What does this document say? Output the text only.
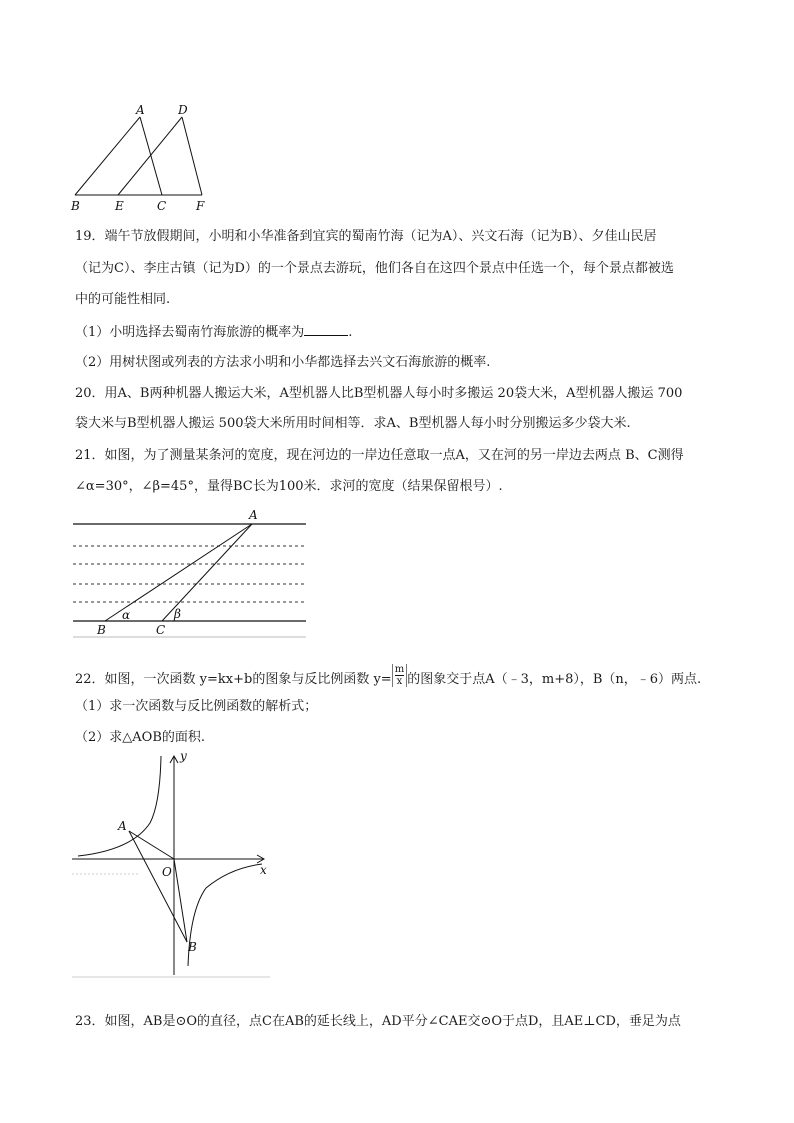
A	D
B	E	C F
19．端午节放假期间，小明和小华准备到宜宾的蜀南竹海（记为A）、兴文石海（记为B）、夕佳山民居
（记为C）、李庄古镇（记为D）的一个景点去游玩，他们各自在这四个景点中任选一个，每个景点都被选
中的可能性相同.
（1）小明选择去蜀南竹海旅游的概率为	.
（2）用树状图或列表的方法求小明和小华都选择去兴文石海旅游的概率.
20．用A、B两种机器人搬运大米，A型机器人比B型机器人每小时多搬运 20袋大米，A型机器人搬运 700
袋大米与B型机器人搬运 500袋大米所用时间相等．求A、B型机器人每小时分别搬运多少袋大米.
21．如图，为了测量某条河的宽度，现在河边的一岸边任意取一点A，又在河的另一岸边去两点 B、C测得
∠α=30°，∠β=45°，量得BC长为100米．求河的宽度（结果保留根号）.
A
B	C
α	β
22．如图，一次函数 y=kx+b的图象与反比例函数 $y= \frac{m}{x}$ 的图象交于点A（﹣3，m+8），B（n，﹣6）两点.
（1）求一次函数与反比例函数的解析式；
（2）求△AOB的面积.
y
x
O
A
B
23．如图，AB是⊙O的直径，点C在AB的延长线上，AD平分∠CAE交⊙O于点D，且AE⊥CD，垂足为点
